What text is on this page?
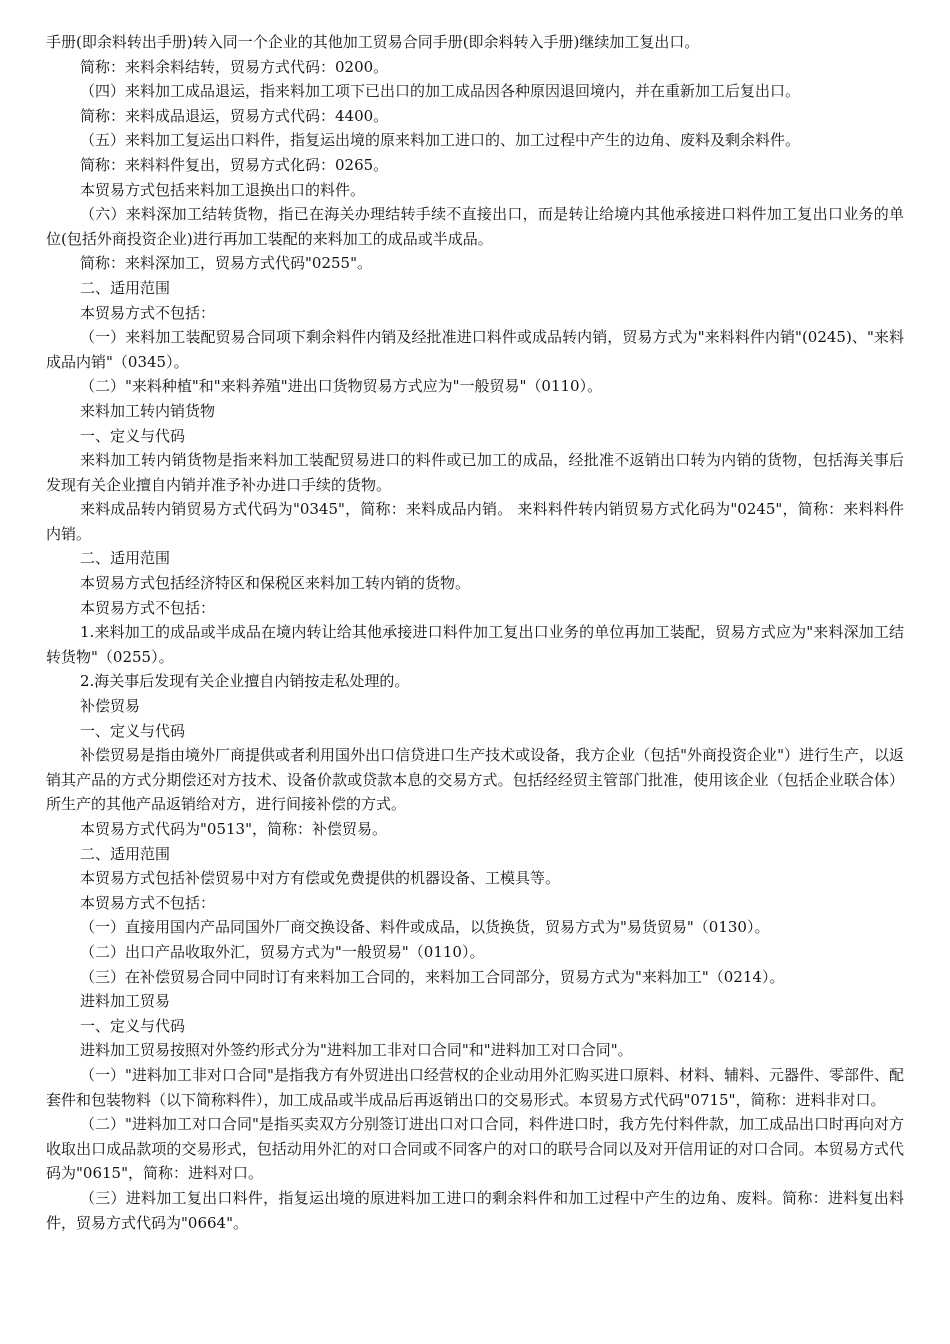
手册(即余料转出手册)转入同一个企业的其他加工贸易合同手册(即余料转入手册)继续加工复出口。

简称：来料余料结转，贸易方式代码：0200。

（四）来料加工成品退运，指来料加工项下已出口的加工成品因各种原因退回境内，并在重新加工后复出口。

简称：来料成品退运，贸易方式代码：4400。

（五）来料加工复运出口料件，指复运出境的原来料加工进口的、加工过程中产生的边角、废料及剩余料件。

简称：来料料件复出，贸易方式化码：0265。

本贸易方式包括来料加工退换出口的料件。

（六）来料深加工结转货物，指已在海关办理结转手续不直接出口，而是转让给境内其他承接进口料件加工复出口业务的单位(包括外商投资企业)进行再加工装配的来料加工的成品或半成品。

简称：来料深加工，贸易方式代码"0255"。

二、适用范围

本贸易方式不包括：

（一）来料加工装配贸易合同项下剩余料件内销及经批准进口料件或成品转内销，贸易方式为"来料料件内销"(0245)、"来料成品内销"（0345）。

（二）"来料种植"和"来料养殖"进出口货物贸易方式应为"一般贸易"（0110）。

来料加工转内销货物

一、定义与代码

来料加工转内销货物是指来料加工装配贸易进口的料件或已加工的成品，经批准不返销出口转为内销的货物，包括海关事后发现有关企业擅自内销并准予补办进口手续的货物。

来料成品转内销贸易方式代码为"0345"，简称：来料成品内销。 来料料件转内销贸易方式化码为"0245"，简称：来料料件内销。

二、适用范围

本贸易方式包括经济特区和保税区来料加工转内销的货物。

本贸易方式不包括：

1.来料加工的成品或半成品在境内转让给其他承接进口料件加工复出口业务的单位再加工装配，贸易方式应为"来料深加工结转货物"（0255）。

2.海关事后发现有关企业擅自内销按走私处理的。

补偿贸易

一、定义与代码

补偿贸易是指由境外厂商提供或者利用国外出口信贷进口生产技术或设备，我方企业（包括"外商投资企业"）进行生产，以返销其产品的方式分期偿还对方技术、设备价款或贷款本息的交易方式。包括经经贸主管部门批准，使用该企业（包括企业联合体）所生产的其他产品返销给对方，进行间接补偿的方式。

本贸易方式代码为"0513"，简称：补偿贸易。

二、适用范围

本贸易方式包括补偿贸易中对方有偿或免费提供的机器设备、工模具等。

本贸易方式不包括：

（一）直接用国内产品同国外厂商交换设备、料件或成品，以货换货，贸易方式为"易货贸易"（0130）。

（二）出口产品收取外汇，贸易方式为"一般贸易"（0110）。

（三）在补偿贸易合同中同时订有来料加工合同的，来料加工合同部分，贸易方式为"来料加工"（0214）。

进料加工贸易

一、定义与代码

进料加工贸易按照对外签约形式分为"进料加工非对口合同"和"进料加工对口合同"。

（一）"进料加工非对口合同"是指我方有外贸进出口经营权的企业动用外汇购买进口原料、材料、辅料、元器件、零部件、配套件和包装物料（以下简称料件），加工成品或半成品后再返销出口的交易形式。本贸易方式代码"0715"，简称：进料非对口。

（二）"进料加工对口合同"是指买卖双方分别签订进出口对口合同，料件进口时，我方先付料件款，加工成品出口时再向对方收取出口成品款项的交易形式，包括动用外汇的对口合同或不同客户的对口的联号合同以及对开信用证的对口合同。本贸易方式代码为"0615"，简称：进料对口。

（三）进料加工复出口料件，指复运出境的原进料加工进口的剩余料件和加工过程中产生的边角、废料。简称：进料复出料件，贸易方式代码为"0664"。
